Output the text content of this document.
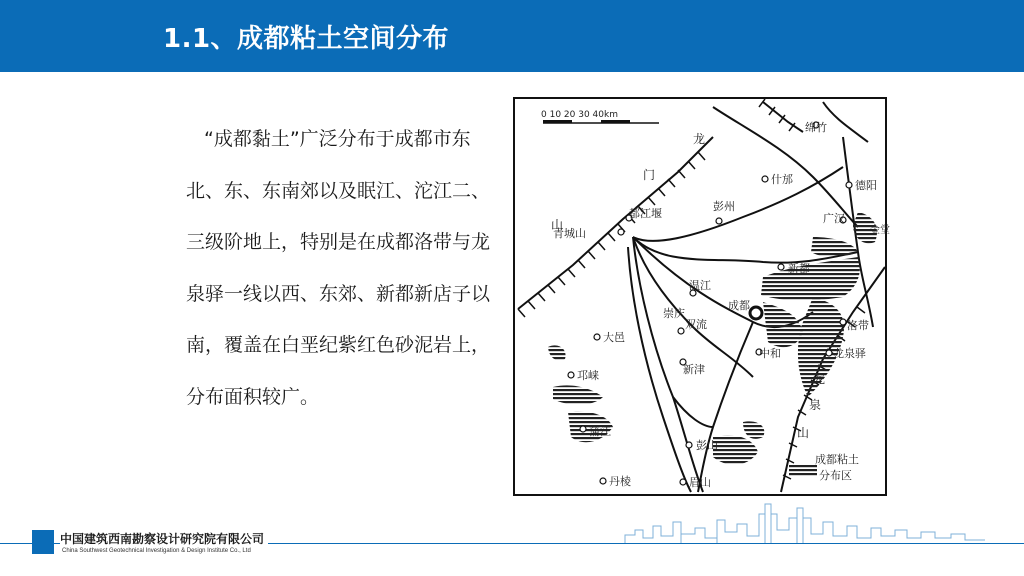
1.1、成都粘土空间分布

“成都黏土”广泛分布于成都市东北、东、东南郊以及眠江、沱江二、三级阶地上，特别是在成都洛带与龙泉驿一线以西、东郊、新都新店子以南，覆盖在白垩纪紫红色砂泥岩上，分布面积较广。

0 10 20 30 40km
绵竹
什邡	德阳
都江堰
彭州
广汉
金堂
青城山
新都
温江
崇庆
双流
成都
洛带
大邑
中和	龙泉驿
邛崃	新津
蒲江
彭山
丹棱	眉山
龙
门
山
龙
泉
山
成都粘土
分布区
中国建筑西南勘察设计研究院有限公司
China Southwest Geotechnical Investigation & Design Institute Co., Ltd
